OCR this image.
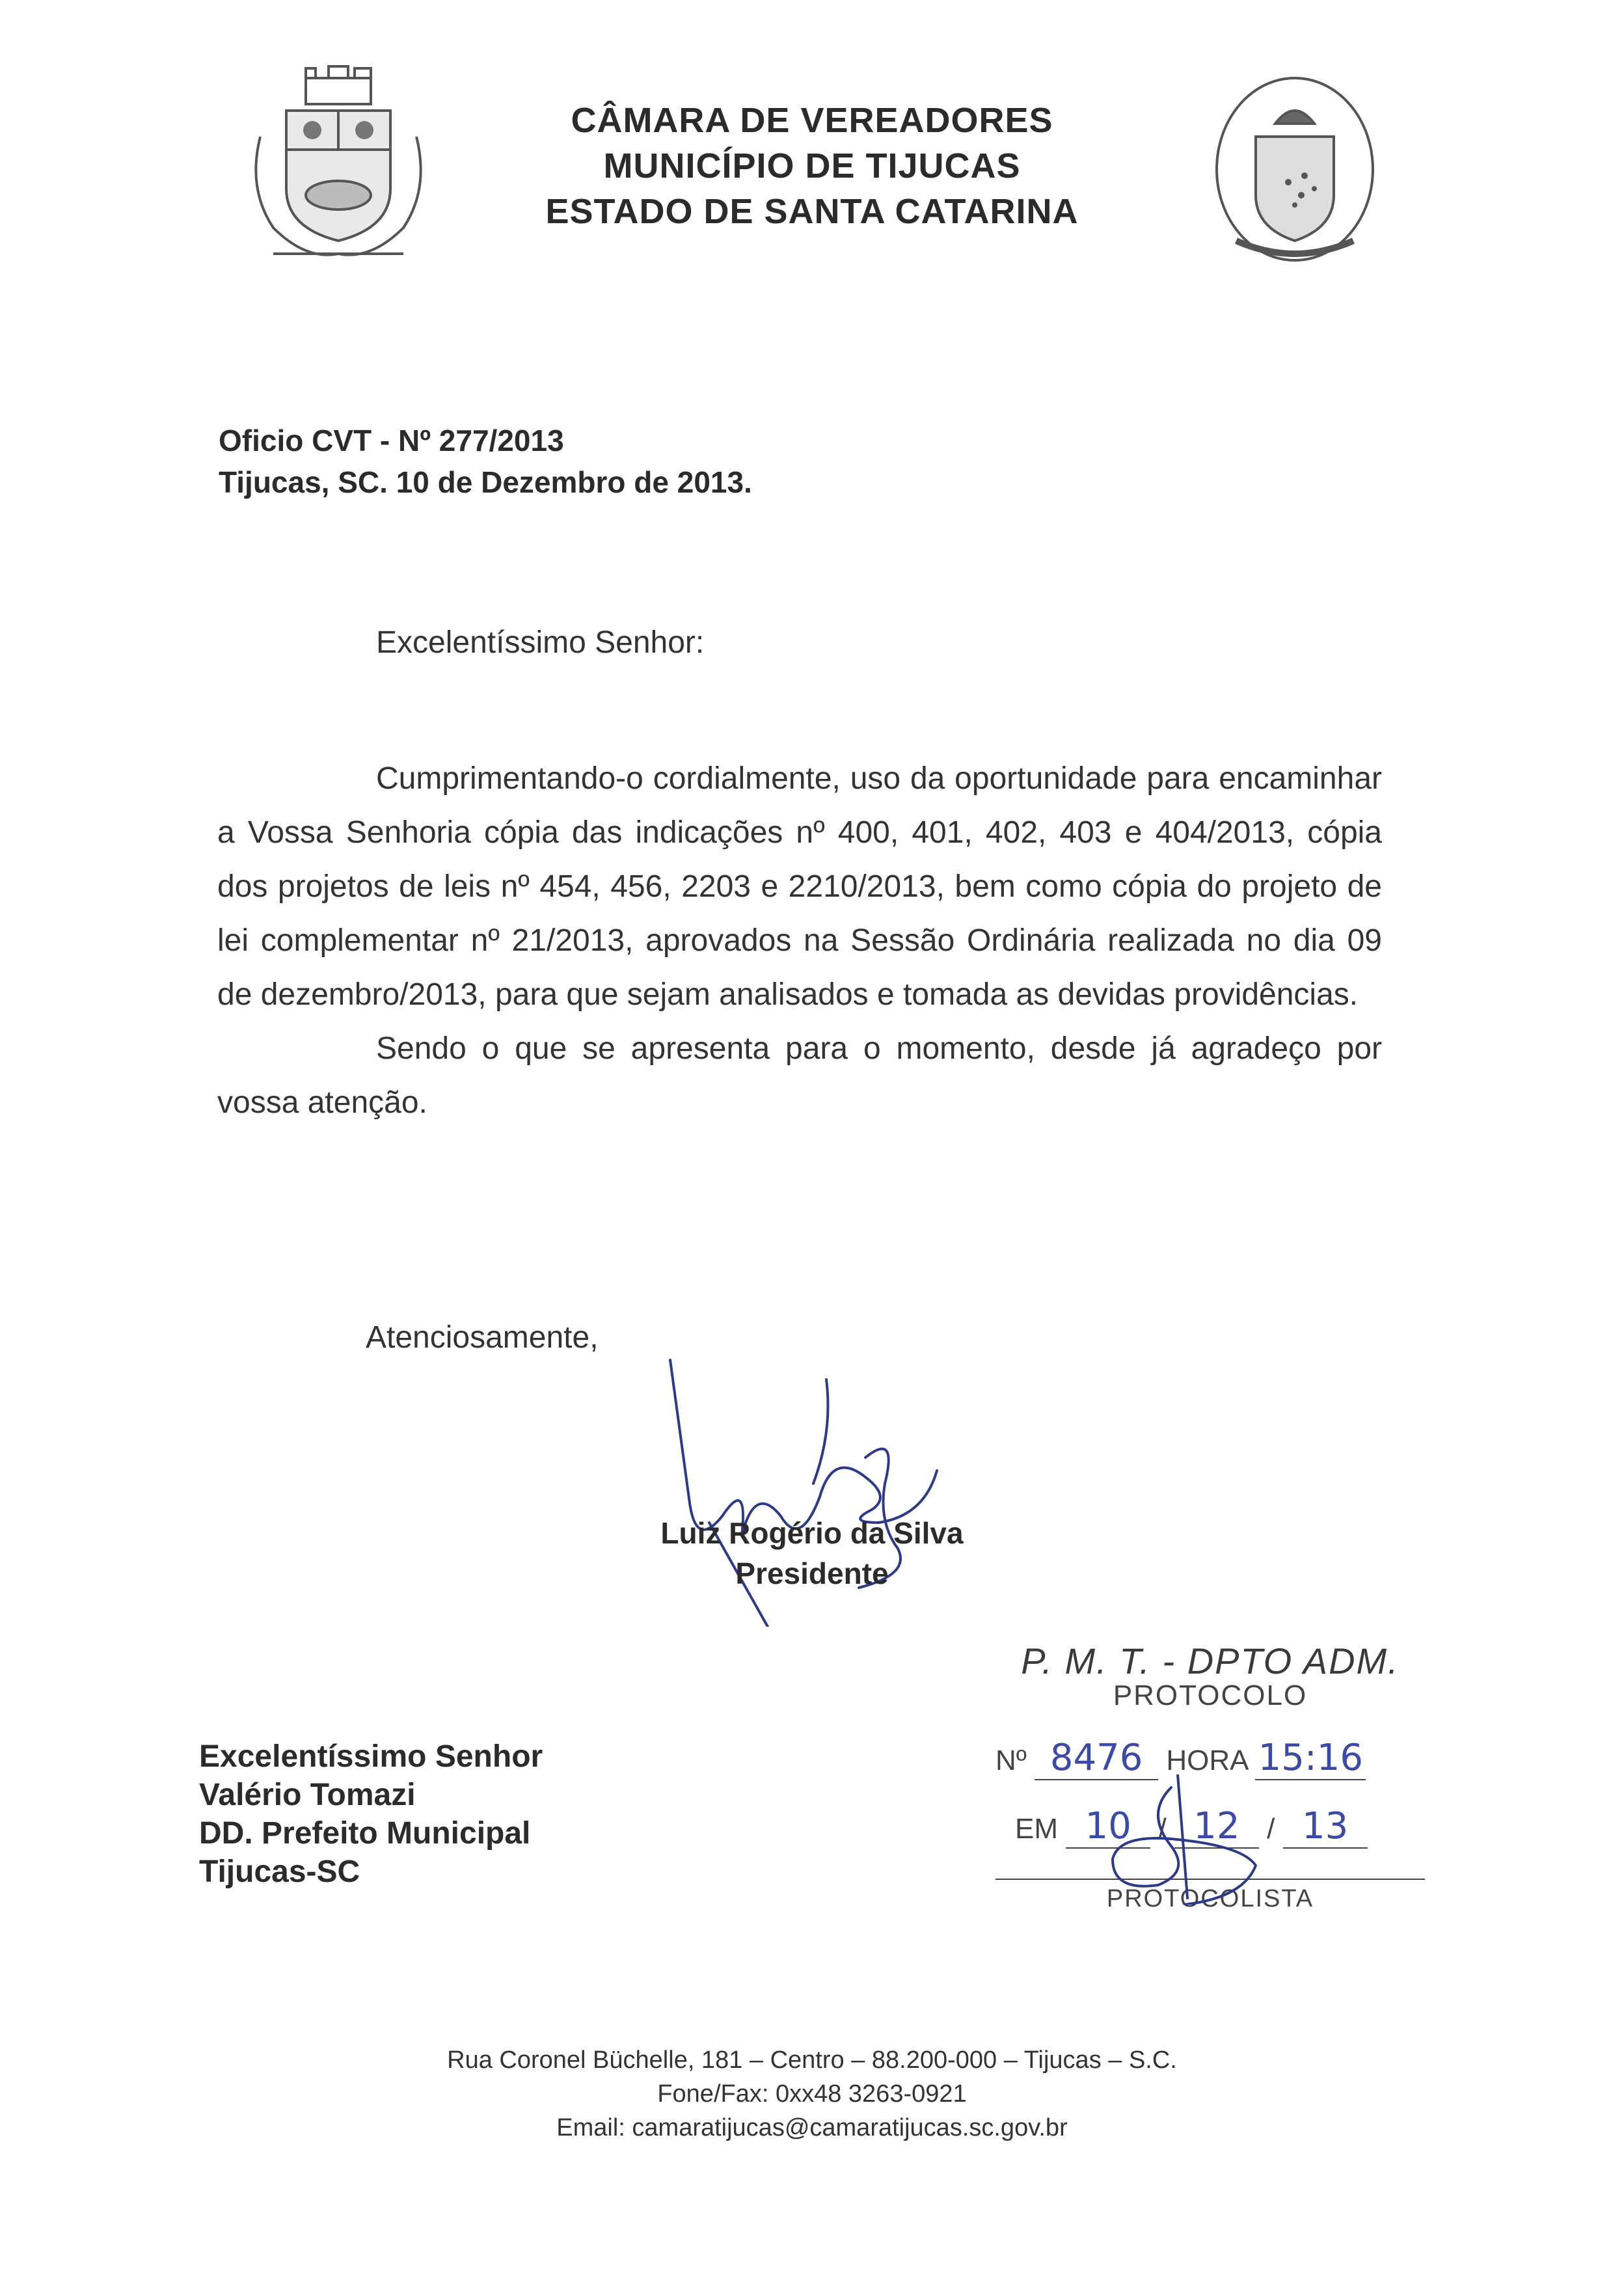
CÂMARA DE VEREADORES
MUNICÍPIO DE TIJUCAS
ESTADO DE SANTA CATARINA
Oficio CVT - Nº 277/2013
Tijucas, SC. 10 de Dezembro de 2013.
Excelentíssimo Senhor:

Cumprimentando-o cordialmente, uso da oportunidade para encaminhar a Vossa Senhoria cópia das indicações nº 400, 401, 402, 403 e 404/2013, cópia dos projetos de leis nº 454, 456, 2203 e 2210/2013, bem como cópia do projeto de lei complementar nº 21/2013, aprovados na Sessão Ordinária realizada no dia 09 de dezembro/2013, para que sejam analisados e tomada as devidas providências.

Sendo o que se apresenta para o momento, desde já agradeço por vossa atenção.

Atenciosamente,
Luiz Rogério da Silva
Presidente
Excelentíssimo Senhor
Valério Tomazi
DD. Prefeito Municipal
Tijucas-SC
P. M. T. - DPTO ADM.
PROTOCOLO
Nº 8476 HORA 15:16
EM 10 / 12 / 13
PROTOCOLISTA
Rua Coronel Büchelle, 181 – Centro – 88.200-000 – Tijucas – S.C.
Fone/Fax: 0xx48 3263-0921
Email: camaratijucas@camaratijucas.sc.gov.br
